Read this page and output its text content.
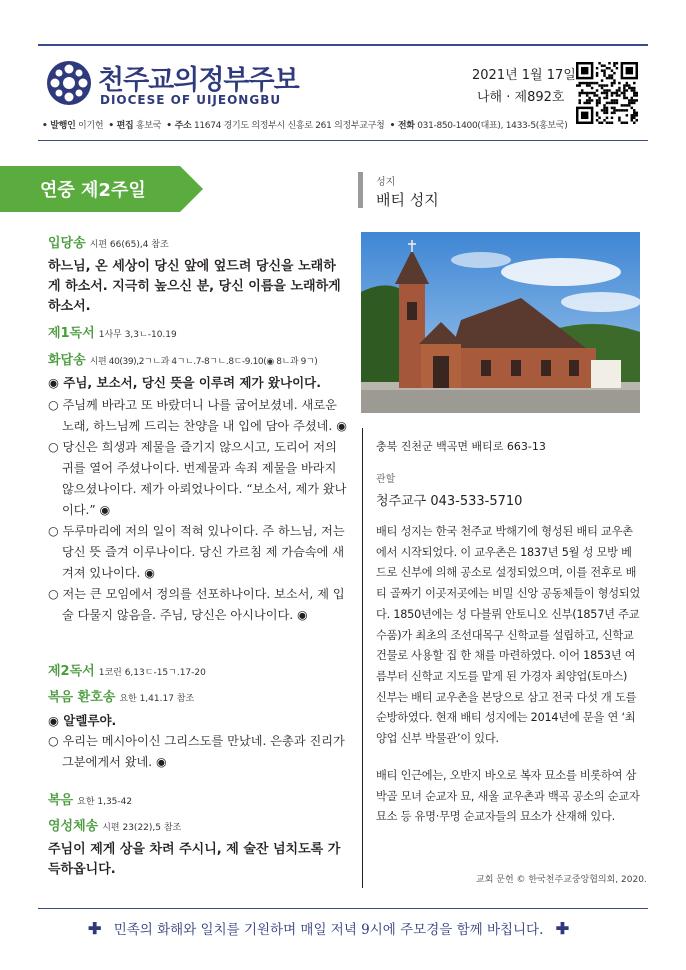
천주교의정부주보
DIOCESE OF UIJEONGBU
2021년 1월 17일
나해 · 제892호
• 발행인 이기헌 • 편집 홍보국 • 주소 11674 경기도 의정부시 신흥로 261 의정부교구청 • 전화 031-850-1400(대표), 1433-5(홍보국)
연중 제2주일
입당송 시편 66(65),4 참조
하느님, 온 세상이 당신 앞에 엎드려 당신을 노래하게 하소서. 지극히 높으신 분, 당신 이름을 노래하게 하소서.
제1독서 1사무 3,3ㄴ-10.19
화답송 시편 40(39),2ㄱㄴ과 4ㄱㄴ.7-8ㄱㄴ.8ㄷ-9.10(◉ 8ㄴ과 9ㄱ)
◉ 주님, 보소서, 당신 뜻을 이루려 제가 왔나이다.
○ 주님께 바라고 또 바랐더니 나를 굽어보셨네. 새로운 노래, 하느님께 드리는 찬양을 내 입에 담아 주셨네. ◉
○ 당신은 희생과 제물을 즐기지 않으시고, 도리어 저의 귀를 열어 주셨나이다. 번제물과 속죄 제물을 바라지 않으셨나이다. 제가 아뢰었나이다. “보소서, 제가 왔나이다.” ◉
○ 두루마리에 저의 일이 적혀 있나이다. 주 하느님, 저는 당신 뜻 즐겨 이루나이다. 당신 가르침 제 가슴속에 새겨져 있나이다. ◉
○ 저는 큰 모임에서 정의를 선포하나이다. 보소서, 제 입술 다물지 않음을. 주님, 당신은 아시나이다. ◉
제2독서 1코린 6,13ㄷ-15ㄱ.17-20
복음 환호송 요한 1,41.17 참조
◉ 알렐루야.
○ 우리는 메시아이신 그리스도를 만났네. 은총과 진리가 그분에게서 왔네. ◉
복음 요한 1,35-42
영성체송 시편 23(22),5 참조
주님이 제게 상을 차려 주시니, 제 술잔 넘치도록 가득하옵니다.
성지
배티 성지
충북 진천군 백곡면 배티로 663-13
관할
청주교구 043-533-5710
배티 성지는 한국 천주교 박해기에 형성된 배티 교우촌에서 시작되었다. 이 교우촌은 1837년 5월 성 모방 베드로 신부에 의해 공소로 설정되었으며, 이를 전후로 배티 골짜기 이곳저곳에는 비밀 신앙 공동체들이 형성되었다. 1850년에는 성 다블뤼 안토니오 신부(1857년 주교 수품)가 최초의 조선대목구 신학교를 설립하고, 신학교 건물로 사용할 집 한 채를 마련하였다. 이어 1853년 여름부터 신학교 지도를 맡게 된 가경자 최양업(토마스) 신부는 배티 교우촌을 본당으로 삼고 전국 다섯 개 도를 순방하였다. 현재 배티 성지에는 2014년에 문을 연 ‘최양업 신부 박물관’이 있다.
배티 인근에는, 오반지 바오로 복자 묘소를 비롯하여 삼박골 모녀 순교자 묘, 새울 교우촌과 백곡 공소의 순교자 묘소 등 유명·무명 순교자들의 묘소가 산재해 있다.
교회 문헌 © 한국천주교중앙협의회, 2020.
✚ 민족의 화해와 일치를 기원하며 매일 저녁 9시에 주모경을 함께 바칩니다. ✚
